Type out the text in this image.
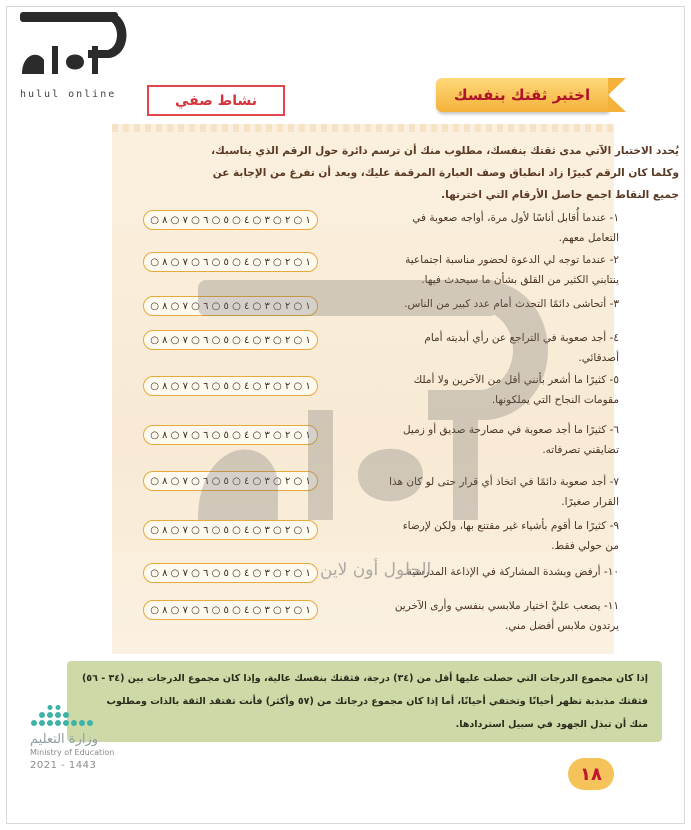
hulul online	اختبر ثقتك بنفسك
نشاط صفي
يُحدد الاختبار الآتي مدى ثقتك بنفسك، مطلوب منك أن ترسم دائرة حول الرقم الذي يناسبك، وكلما كان الرقم كبيرًا زاد انطباق وصف العبارة المرقمة عليك، وبعد أن تفرغ من الإجابة عن جميع النقاط اجمع حاصل الأرقام التي اخترتها.
١- عندما أُقابل أناسًا لأول مرة، أواجه صعوبة في التعامل معهم.
٢- عندما توجه لي الدعوة لحضور مناسبة اجتماعية ينتابني الكثير من القلق بشأن ما سيحدث فيها.
٣- أتحاشى دائمًا التحدث أمام عدد كبير من الناس.
٤- أجد صعوبة في التراجع عن رأي أبديته أمام أصدقائي.
٥- كثيرًا ما أشعر بأنني أقل من الآخرين ولا أملك مقومات النجاح التي يملكونها.
٦- كثيرًا ما أجد صعوبة في مصارحة صديق أو زميل تضايقني تصرفاته.
٧- أجد صعوبة دائمًا في اتخاذ أي قرار حتى لو كان هذا القرار صغيرًا.
٩- كثيرًا ما أقوم بأشياء غير مقتنع بها، ولكن لإرضاء من حولي فقط.
١٠- أرفض وبشدة المشاركة في الإذاعة المدرسية.
١١- يصعب عليَّ اختيار ملابسي بنفسي وأرى الآخرين يرتدون ملابس أفضل مني.
١ ○ ٢ ○ ٣ ○ ٤ ○ ٥ ○ ٦ ○ ٧ ○ ٨ ○
١ ○ ٢ ○ ٣ ○ ٤ ○ ٥ ○ ٦ ○ ٧ ○ ٨ ○
١ ○ ٢ ○ ٣ ○ ٤ ○ ٥ ○ ٦ ○ ٧ ○ ٨ ○
١ ○ ٢ ○ ٣ ○ ٤ ○ ٥ ○ ٦ ○ ٧ ○ ٨ ○
١ ○ ٢ ○ ٣ ○ ٤ ○ ٥ ○ ٦ ○ ٧ ○ ٨ ○
١ ○ ٢ ○ ٣ ○ ٤ ○ ٥ ○ ٦ ○ ٧ ○ ٨ ○
١ ○ ٢ ○ ٣ ○ ٤ ○ ٥ ○ ٦ ○ ٧ ○ ٨ ○
١ ○ ٢ ○ ٣ ○ ٤ ○ ٥ ○ ٦ ○ ٧ ○ ٨ ○
١ ○ ٢ ○ ٣ ○ ٤ ○ ٥ ○ ٦ ○ ٧ ○ ٨ ○
١ ○ ٢ ○ ٣ ○ ٤ ○ ٥ ○ ٦ ○ ٧ ○ ٨ ○
الحلول أون لاين

إذا كان مجموع الدرجات التي حصلت عليها أقل من (٣٤) درجة، فثقتك بنفسك عالية، وإذا كان مجموع الدرجات بين (٣٤ - ٥٦)

فثقتك مذبذبة تظهر أحيانًا وتختفي أحيانًا، أما إذا كان مجموع درجاتك من (٥٧ وأكثر) فأنت تفتقد الثقة بالذات ومطلوب

منك أن تبذل الجهود في سبيل استردادها.

وزارة التعليم
Ministry of Education
2021 - 1443	١٨
